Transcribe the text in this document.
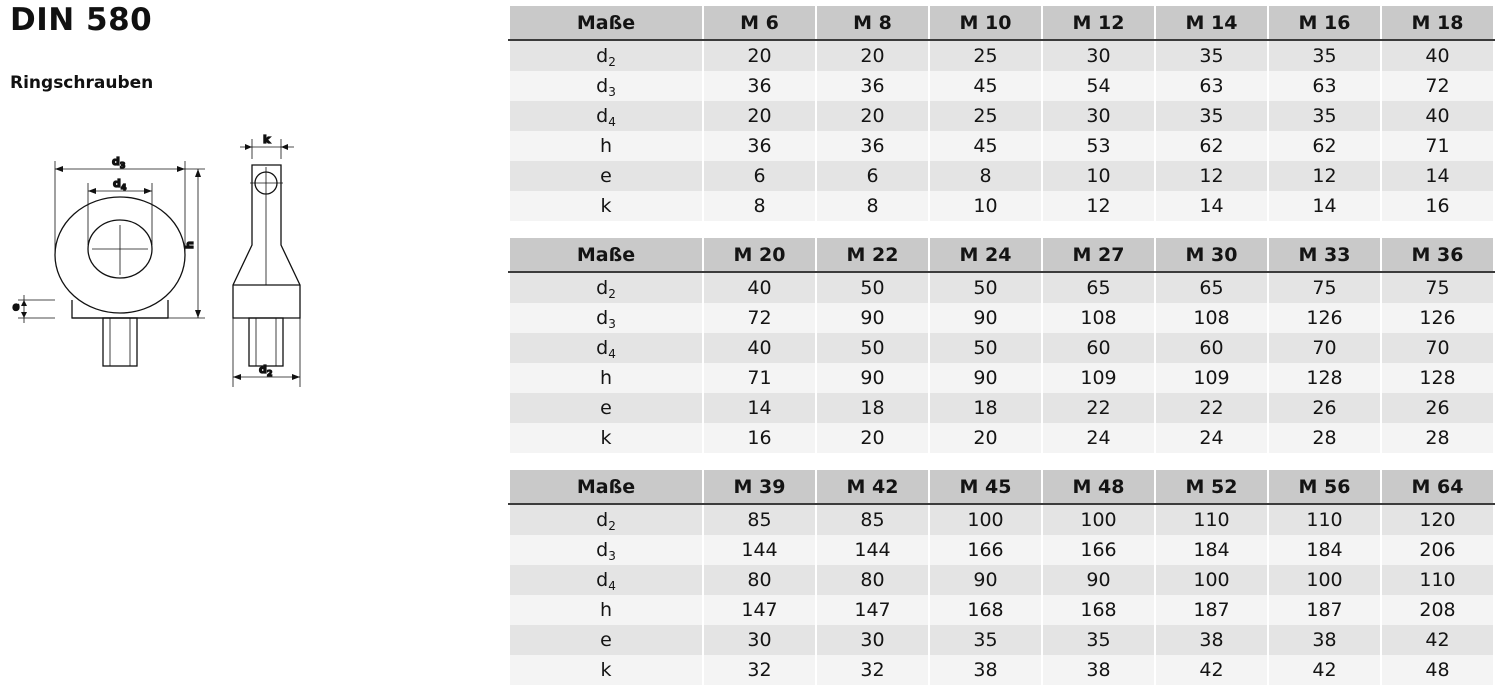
DIN 580
Ringschrauben
$d_3$
$d_4$
h
e
k
$d_2$
Maße	M 6	M 8	M 10	M 12	M 14	M 16	M 18
$d_2$	20	20	25	30	35	35	40
$d_3$	36	36	45	54	63	63	72
$d_4$	20	20	25	30	35	35	40
h	36	36	45	53	62	62	71
e	6	6	8	10	12	12	14
k	8	8	10	12	14	14	16
Maße	M 20	M 22	M 24	M 27	M 30	M 33	M 36
$d_2$	40	50	50	65	65	75	75
$d_3$	72	90	90	108	108	126	126
$d_4$	40	50	50	60	60	70	70
h	71	90	90	109	109	128	128
e	14	18	18	22	22	26	26
k	16	20	20	24	24	28	28
Maße	M 39	M 42	M 45	M 48	M 52	M 56	M 64
$d_2$	85	85	100	100	110	110	120
$d_3$	144	144	166	166	184	184	206
$d_4$	80	80	90	90	100	100	110
h	147	147	168	168	187	187	208
e	30	30	35	35	38	38	42
k	32	32	38	38	42	42	48
